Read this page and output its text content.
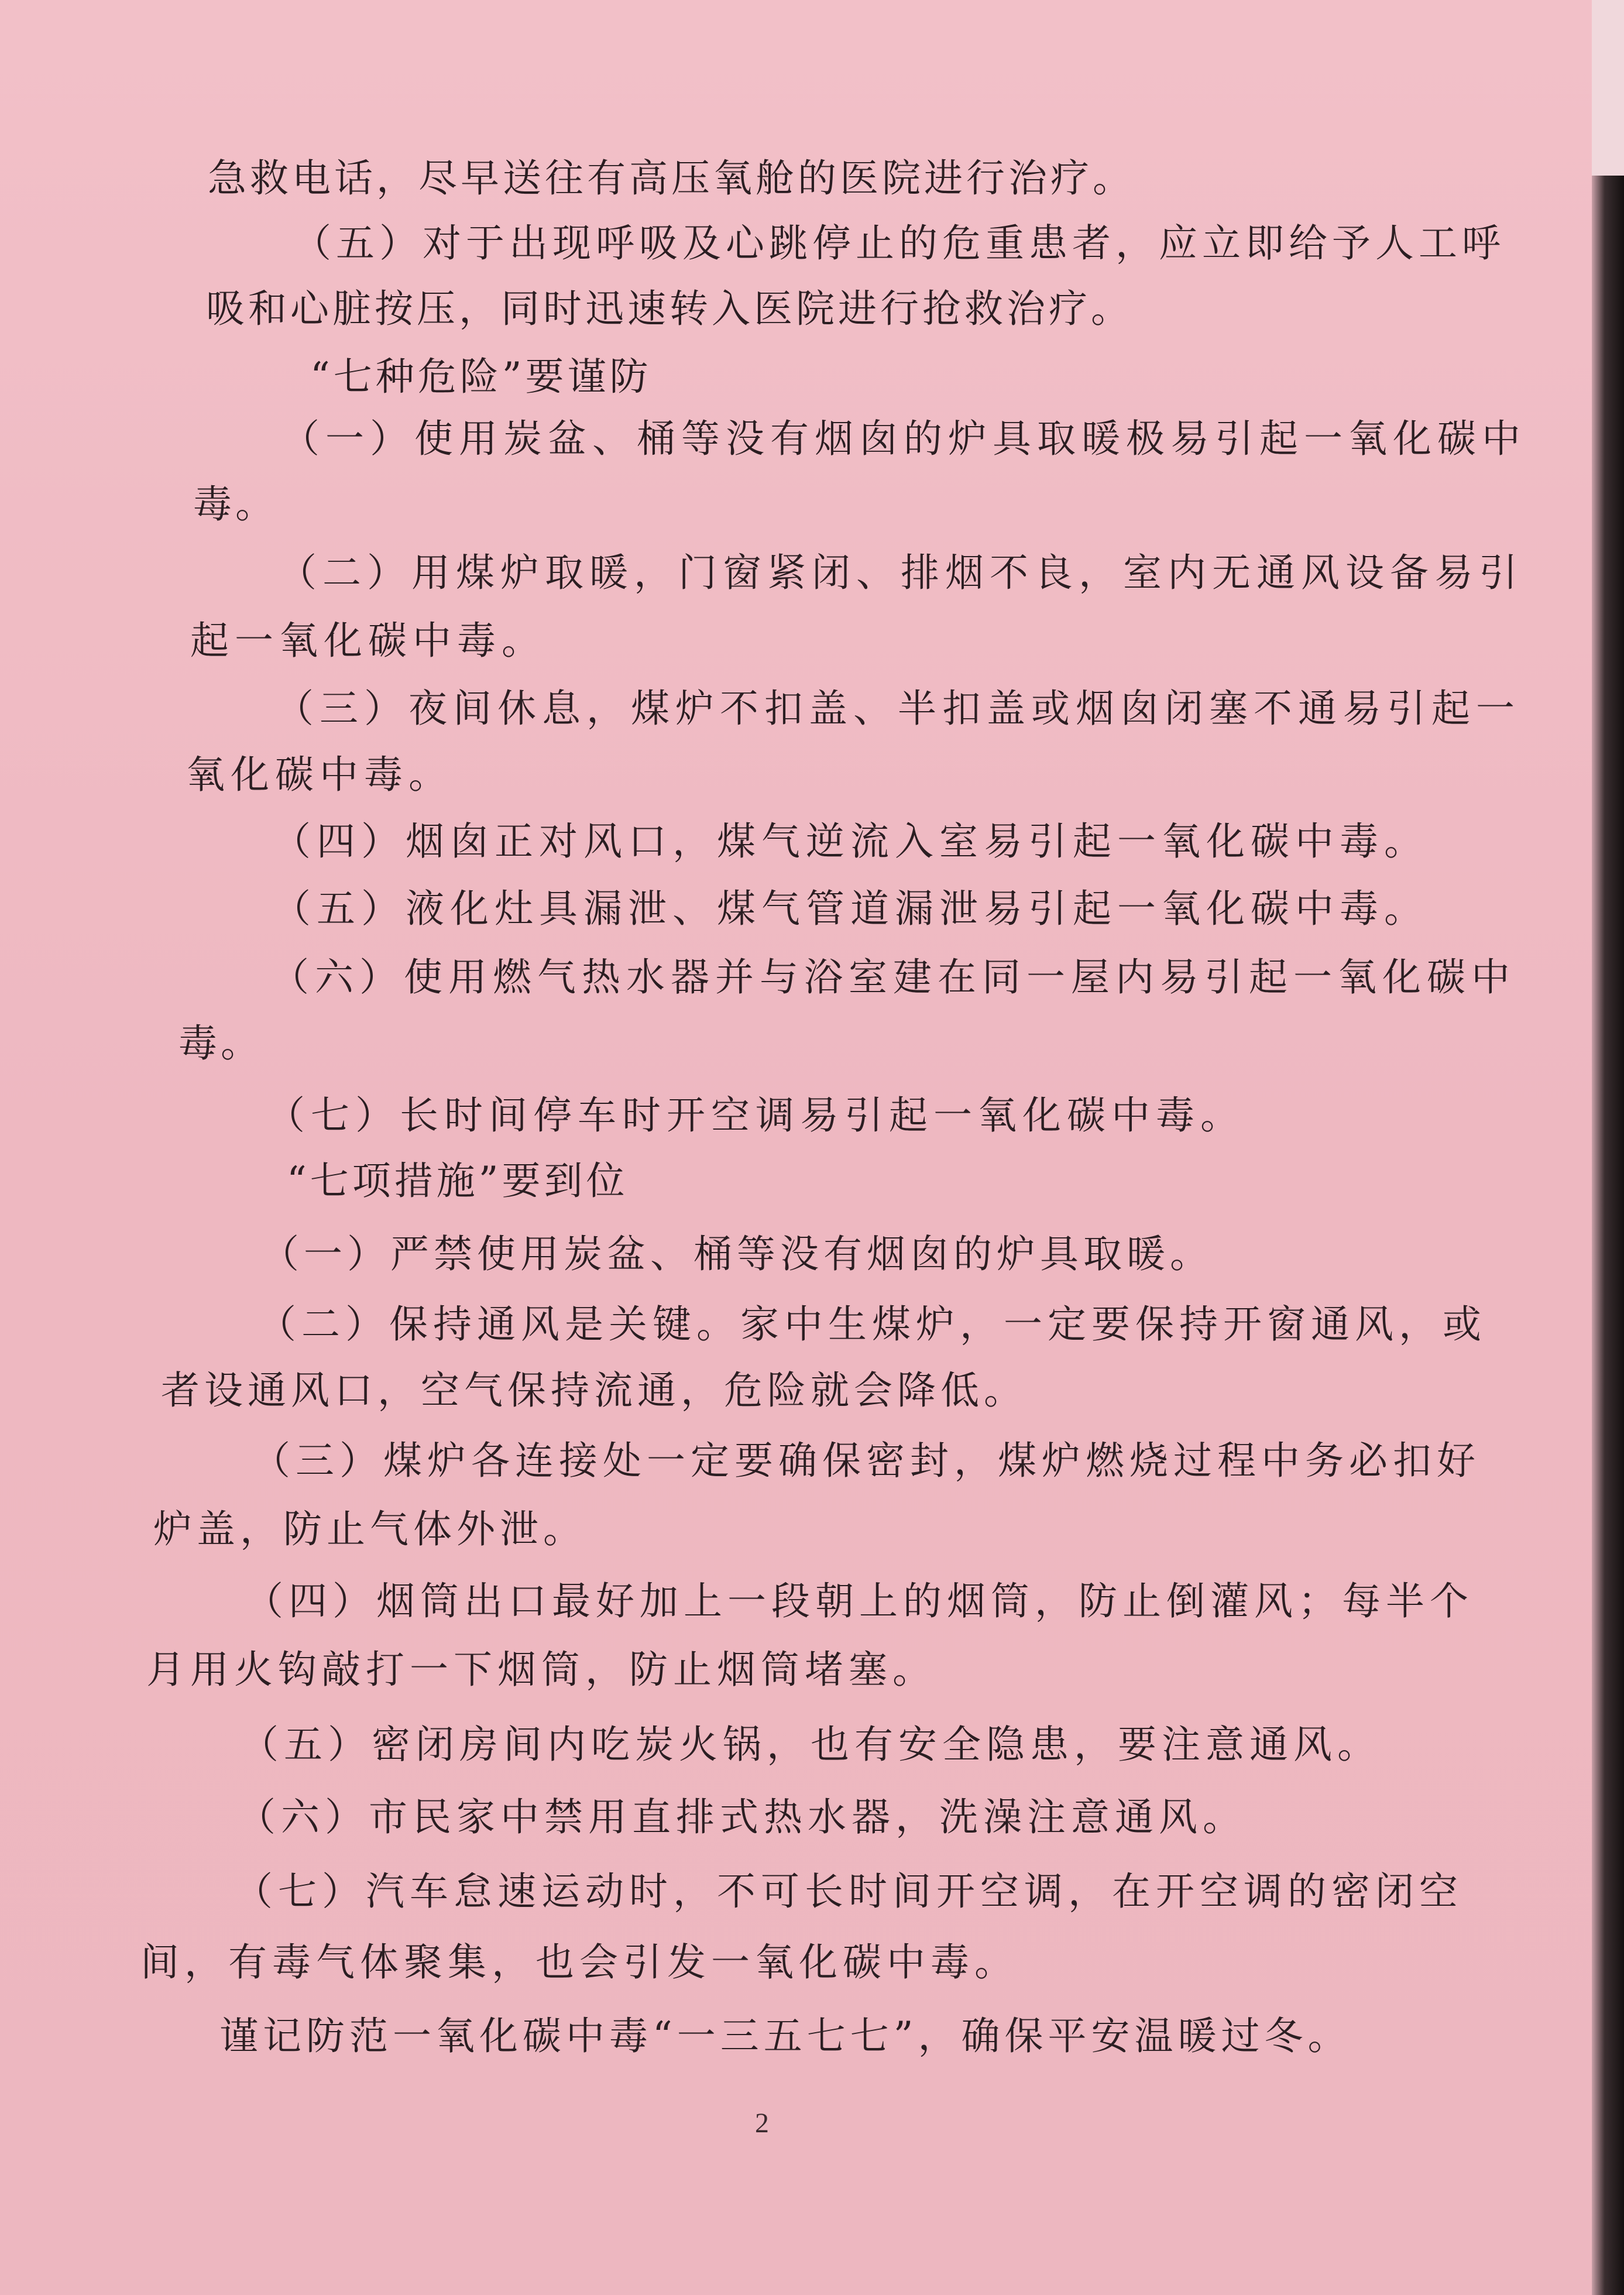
急救电话，尽早送往有高压氧舱的医院进行治疗。
（五）对于出现呼吸及心跳停止的危重患者，应立即给予人工呼
吸和心脏按压，同时迅速转入医院进行抢救治疗。
“七种危险”要谨防
（一）使用炭盆、桶等没有烟囱的炉具取暖极易引起一氧化碳中
毒。
（二）用煤炉取暖，门窗紧闭、排烟不良，室内无通风设备易引
起一氧化碳中毒。
（三）夜间休息，煤炉不扣盖、半扣盖或烟囱闭塞不通易引起一
氧化碳中毒。
（四）烟囱正对风口，煤气逆流入室易引起一氧化碳中毒。
（五）液化灶具漏泄、煤气管道漏泄易引起一氧化碳中毒。
（六）使用燃气热水器并与浴室建在同一屋内易引起一氧化碳中
毒。
（七）长时间停车时开空调易引起一氧化碳中毒。
“七项措施”要到位
（一）严禁使用炭盆、桶等没有烟囱的炉具取暖。
（二）保持通风是关键。家中生煤炉，一定要保持开窗通风，或
者设通风口，空气保持流通，危险就会降低。
（三）煤炉各连接处一定要确保密封，煤炉燃烧过程中务必扣好
炉盖，防止气体外泄。
（四）烟筒出口最好加上一段朝上的烟筒，防止倒灌风；每半个
月用火钩敲打一下烟筒，防止烟筒堵塞。
（五）密闭房间内吃炭火锅，也有安全隐患，要注意通风。
（六）市民家中禁用直排式热水器，洗澡注意通风。
（七）汽车怠速运动时，不可长时间开空调，在开空调的密闭空
间，有毒气体聚集，也会引发一氧化碳中毒。
谨记防范一氧化碳中毒“一三五七七”，确保平安温暖过冬。
2
